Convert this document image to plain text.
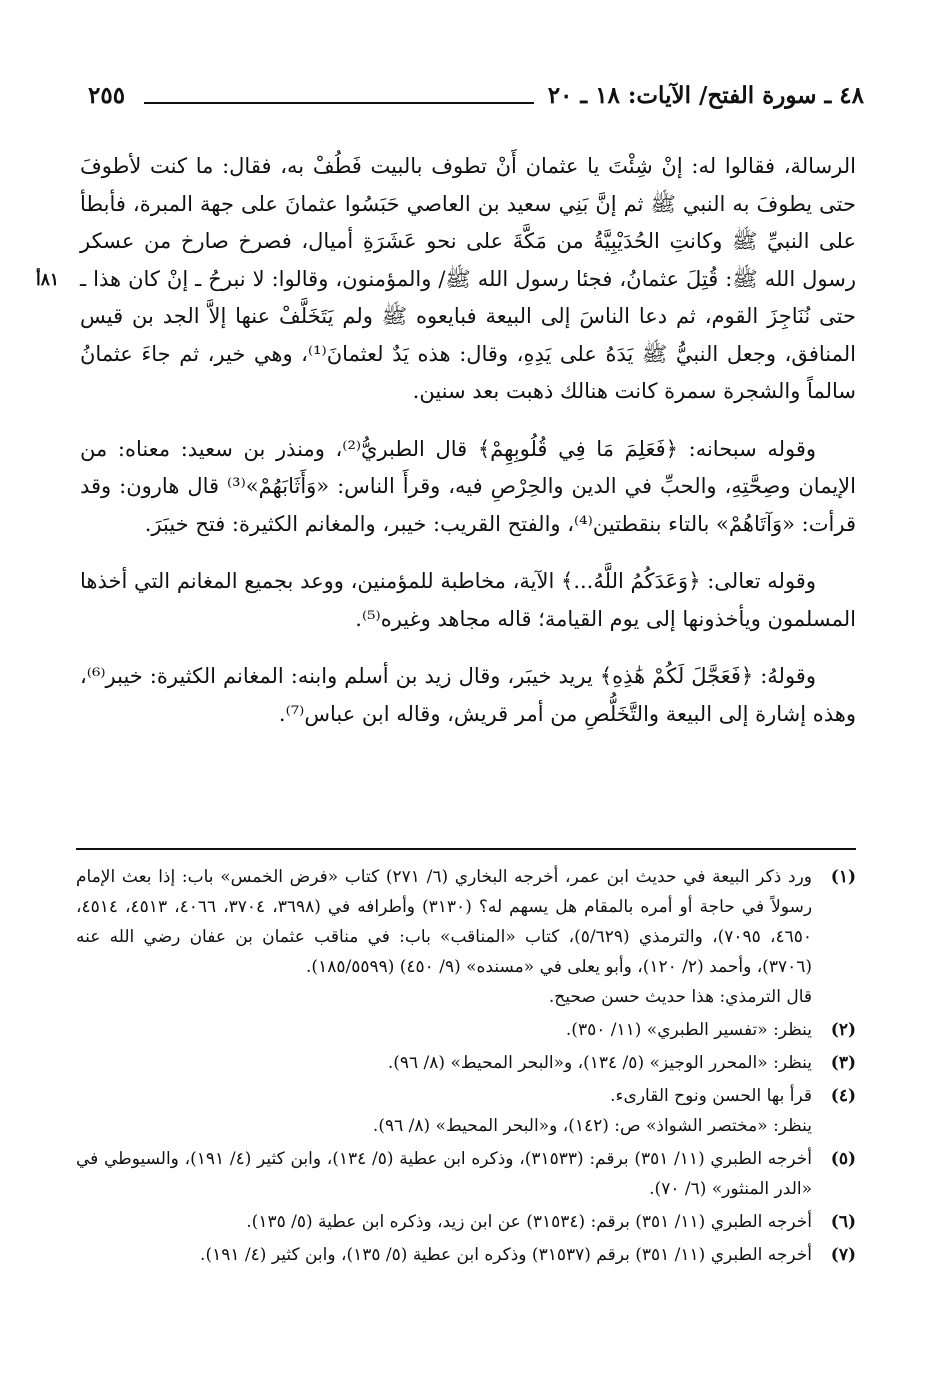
٤٨ ـ سورة الفتح/ الآيات: ١٨ ـ ٢٠
٢٥٥
٨١أ

الرسالة، فقالوا له: إنْ شِئْتَ يا عثمان أَنْ تطوف بالبيت فَطُفْ به، فقال: ما كنت لأطوفَ حتى يطوفَ به النبي ﷺ ثم إنَّ بَنِي سعيد بن العاصي حَبَسُوا عثمانَ على جهة المبرة، فأبطأ على النبيِّ ﷺ وكانتِ الحُدَيْبِيَّةُ من مَكَّةَ على نحو عَشَرَةِ أميال، فصرخ صارخ من عسكر رسول الله ﷺ: قُتِلَ عثمانُ، فجئا رسول الله ﷺ/ والمؤمنون، وقالوا: لا نبرحُ ـ إنْ كان هذا ـ حتى نُنَاجِزَ القوم، ثم دعا الناسَ إلى البيعة فبايعوه ﷺ ولم يَتَخَلَّفْ عنها إلاَّ الجد بن قيس المنافق، وجعل النبيُّ ﷺ يَدَهُ على يَدِهِ، وقال: هذه يَدٌ لعثمانَ⁽¹⁾، وهي خير، ثم جاءَ عثمانُ سالماً والشجرة سمرة كانت هنالك ذهبت بعد سنين.

وقوله سبحانه: ﴿فَعَلِمَ مَا فِي قُلُوبِهِمْ﴾ قال الطبريُّ⁽²⁾، ومنذر بن سعيد: معناه: من الإيمان وصِحَّتِهِ، والحبِّ في الدين والحِرْصِ فيه، وقرأَ الناس: «وَأَثَابَهُمْ»⁽³⁾ قال هارون: وقد قرأت: «وَآتَاهُمْ» بالتاء بنقطتين⁽⁴⁾، والفتح القريب: خيبر، والمغانم الكثيرة: فتح خيبَرَ.

وقوله تعالى: ﴿وَعَدَكُمُ اللَّهُ...﴾ الآية، مخاطبة للمؤمنين، ووعد بجميع المغانم التي أخذها المسلمون ويأخذونها إلى يوم القيامة؛ قاله مجاهد وغيره⁽⁵⁾.

وقولهُ: ﴿فَعَجَّلَ لَكُمْ هَٰذِهِ﴾ يريد خيبَر، وقال زيد بن أسلم وابنه: المغانم الكثيرة: خيبر⁽⁶⁾، وهذه إشارة إلى البيعة والتَّخَلُّصِ من أمر قريش، وقاله ابن عباس⁽⁷⁾.

(١)
ورد ذكر البيعة في حديث ابن عمر، أخرجه البخاري (٦/ ٢٧١) كتاب «فرض الخمس» باب: إذا بعث الإمام رسولاً في حاجة أو أمره بالمقام هل يسهم له؟ (٣١٣٠) وأطرافه في (٣٦٩٨، ٣٧٠٤، ٤٠٦٦، ٤٥١٣، ٤٥١٤، ٤٦٥٠، ٧٠٩٥)، والترمذي (٥/٦٢٩)، كتاب «المناقب» باب: في مناقب عثمان بن عفان رضي الله عنه (٣٧٠٦)، وأحمد (٢/ ١٢٠)، وأبو يعلى في «مسنده» (٩/ ٤٥٠) (١٨٥/٥٥٩٩).
قال الترمذي: هذا حديث حسن صحيح.
(٢)
ينظر: «تفسير الطبري» (١١/ ٣٥٠).
(٣)
ينظر: «المحرر الوجيز» (٥/ ١٣٤)، و«البحر المحيط» (٨/ ٩٦).
(٤)
قرأ بها الحسن ونوح القارىء.
ينظر: «مختصر الشواذ» ص: (١٤٢)، و«البحر المحيط» (٨/ ٩٦).
(٥)
أخرجه الطبري (١١/ ٣٥١) برقم: (٣١٥٣٣)، وذكره ابن عطية (٥/ ١٣٤)، وابن كثير (٤/ ١٩١)، والسيوطي في «الدر المنثور» (٦/ ٧٠).
(٦)
أخرجه الطبري (١١/ ٣٥١) برقم: (٣١٥٣٤) عن ابن زيد، وذكره ابن عطية (٥/ ١٣٥).
(٧)
أخرجه الطبري (١١/ ٣٥١) برقم (٣١٥٣٧) وذكره ابن عطية (٥/ ١٣٥)، وابن كثير (٤/ ١٩١).
